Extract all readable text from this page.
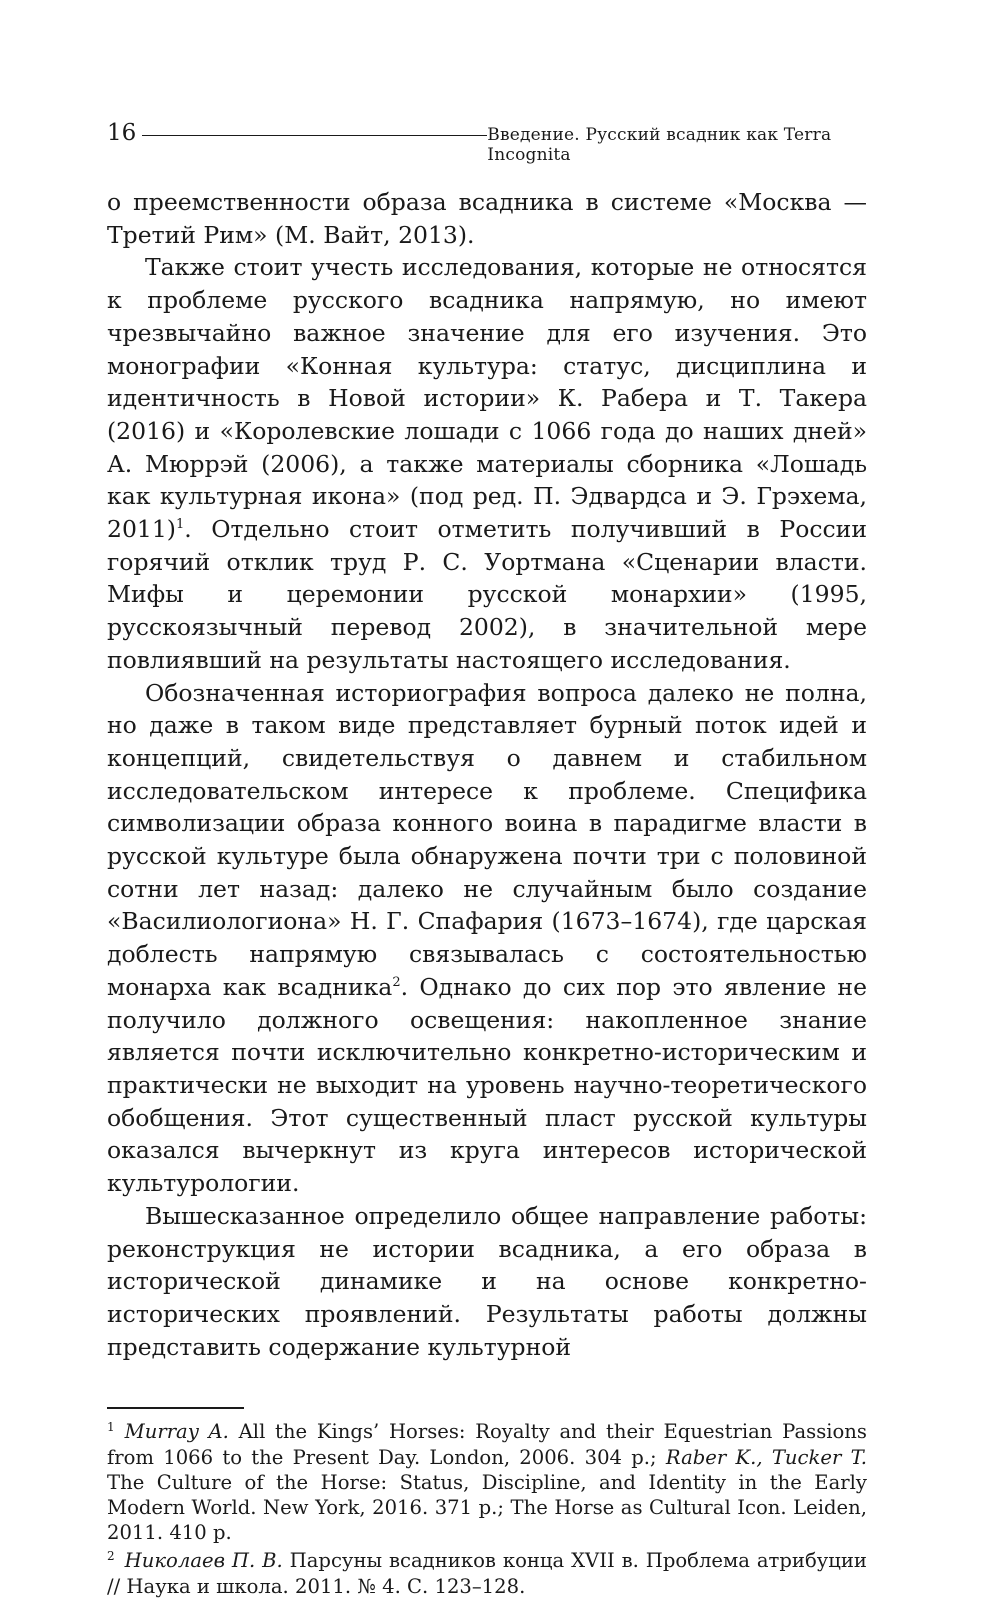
16	Введение. Русский всадник как Terra Incognita

о преемственности образа всадника в системе «Москва — Третий Рим» (М. Вайт, 2013).

Также стоит учесть исследования, которые не относятся к проблеме русского всадника напрямую, но имеют чрезвычайно важное значение для его изучения. Это монографии «Конная культура: статус, дисциплина и идентичность в Новой истории» К. Рабера и Т. Такера (2016) и «Королевские лошади с 1066 года до наших дней» А. Мюррэй (2006), а также материалы сборника «Лошадь как культурная икона» (под ред. П. Эдвардса и Э. Грэхема, 2011)$^1$. Отдельно стоит отметить получивший в России горячий отклик труд Р. С. Уортмана «Сценарии власти. Мифы и церемонии русской монархии» (1995, русскоязычный перевод 2002), в значительной мере повлиявший на результаты настоящего исследования.

Обозначенная историография вопроса далеко не полна, но даже в таком виде представляет бурный поток идей и концепций, свидетельствуя о давнем и стабильном исследовательском интересе к проблеме. Специфика символизации образа конного воина в парадигме власти в русской культуре была обнаружена почти три с половиной сотни лет назад: далеко не случайным было создание «Василиологиона» Н. Г. Спафария (1673–1674), где царская доблесть напрямую связывалась с состоятельностью монарха как всадника$^2$. Однако до сих пор это явление не получило должного освещения: накопленное знание является почти исключительно конкретно-историческим и практически не выходит на уровень научно-теоретического обобщения. Этот существенный пласт русской культуры оказался вычеркнут из круга интересов исторической культурологии.

Вышесказанное определило общее направление работы: реконструкция не истории всадника, а его образа в исторической динамике и на основе конкретно-исторических проявлений. Результаты работы должны представить содержание культурной

$^1$ Murray A. All the Kings’ Horses: Royalty and their Equestrian Passions from 1066 to the Present Day. London, 2006. 304 p.; Raber K., Tucker T. The Culture of the Horse: Status, Discipline, and Identity in the Early Modern World. New York, 2016. 371 p.; The Horse as Cultural Icon. Leiden, 2011. 410 p.

$^2$ Николаев П. В. Парсуны всадников конца XVII в. Проблема атрибуции // Наука и школа. 2011. № 4. С. 123–128.
